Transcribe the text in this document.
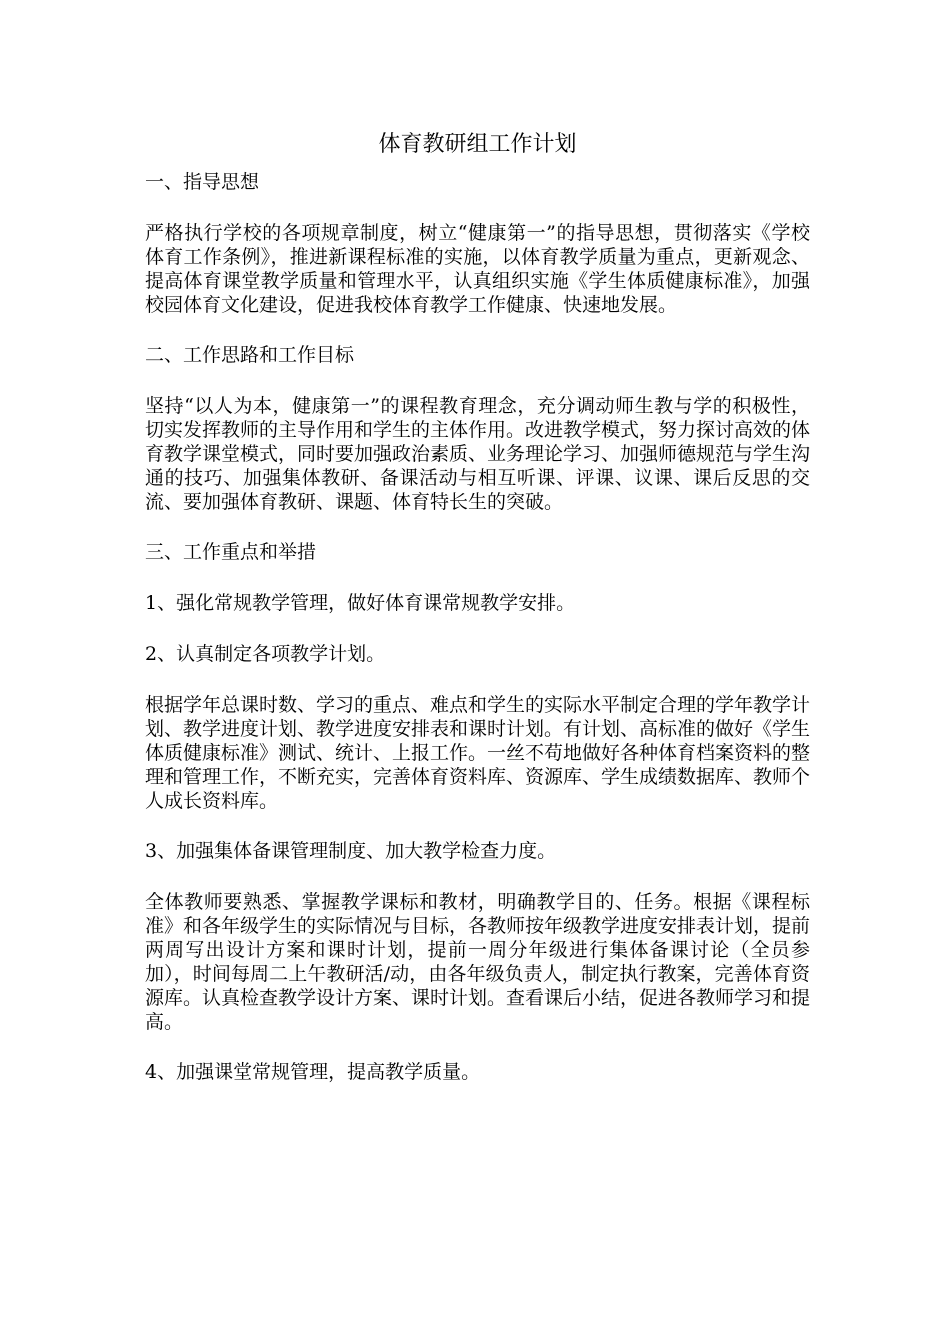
体育教研组工作计划
一、指导思想
严格执行学校的各项规章制度，树立“健康第一”的指导思想，贯彻落实《学校体育工作条例》，推进新课程标准的实施，以体育教学质量为重点，更新观念、提高体育课堂教学质量和管理水平，认真组织实施《学生体质健康标准》，加强校园体育文化建设，促进我校体育教学工作健康、快速地发展。
二、工作思路和工作目标
坚持“以人为本，健康第一”的课程教育理念，充分调动师生教与学的积极性，切实发挥教师的主导作用和学生的主体作用。改进教学模式，努力探讨高效的体育教学课堂模式，同时要加强政治素质、业务理论学习、加强师德规范与学生沟通的技巧、加强集体教研、备课活动与相互听课、评课、议课、课后反思的交流、要加强体育教研、课题、体育特长生的突破。
三、工作重点和举措
1、强化常规教学管理，做好体育课常规教学安排。
2、认真制定各项教学计划。
根据学年总课时数、学习的重点、难点和学生的实际水平制定合理的学年教学计划、教学进度计划、教学进度安排表和课时计划。有计划、高标准的做好《学生体质健康标准》测试、统计、上报工作。一丝不苟地做好各种体育档案资料的整理和管理工作，不断充实，完善体育资料库、资源库、学生成绩数据库、教师个人成长资料库。
3、加强集体备课管理制度、加大教学检查力度。
全体教师要熟悉、掌握教学课标和教材，明确教学目的、任务。根据《课程标准》和各年级学生的实际情况与目标，各教师按年级教学进度安排表计划，提前两周写出设计方案和课时计划，提前一周分年级进行集体备课讨论（全员参加），时间每周二上午教研活/动，由各年级负责人，制定执行教案，完善体育资源库。认真检查教学设计方案、课时计划。查看课后小结，促进各教师学习和提高。
4、加强课堂常规管理，提高教学质量。
